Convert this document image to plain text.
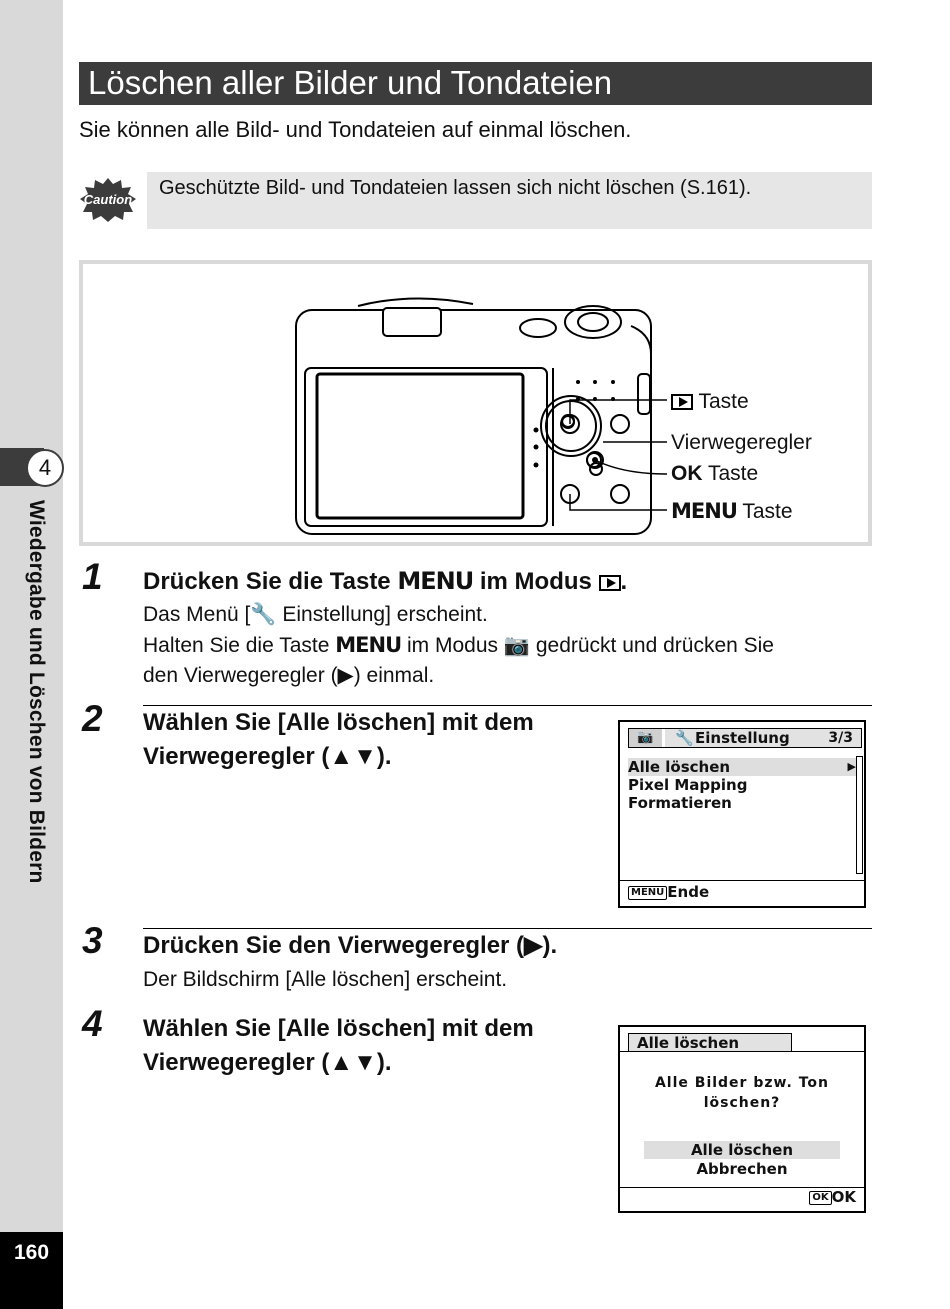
4
Wiedergabe und Löschen von Bildern
160
Löschen aller Bilder und Tondateien
Sie können alle Bild- und Tondateien auf einmal löschen.
Caution
Geschützte Bild- und Tondateien lassen sich nicht löschen (S.161).
Taste
Vierwegeregler
OK Taste
MENU Taste
1 Drücken Sie die Taste MENU im Modus .
Das Menü [🔧 Einstellung] erscheint.
Halten Sie die Taste MENU im Modus 📷 gedrückt und drücken Sie
den Vierwegeregler (▶) einmal.
2 Wählen Sie [Alle löschen] mit dem
Vierwegeregler (▲▼).
📷	🔧 Einstellung	3/3
Alle löschen	▶
Pixel Mapping
Formatieren
MENU Ende
3 Drücken Sie den Vierwegeregler (▶).
Der Bildschirm [Alle löschen] erscheint.
4 Wählen Sie [Alle löschen] mit dem
Vierwegeregler (▲▼).
Alle löschen
Alle Bilder bzw. Ton
löschen?
Alle löschen
Abbrechen
OK OK
